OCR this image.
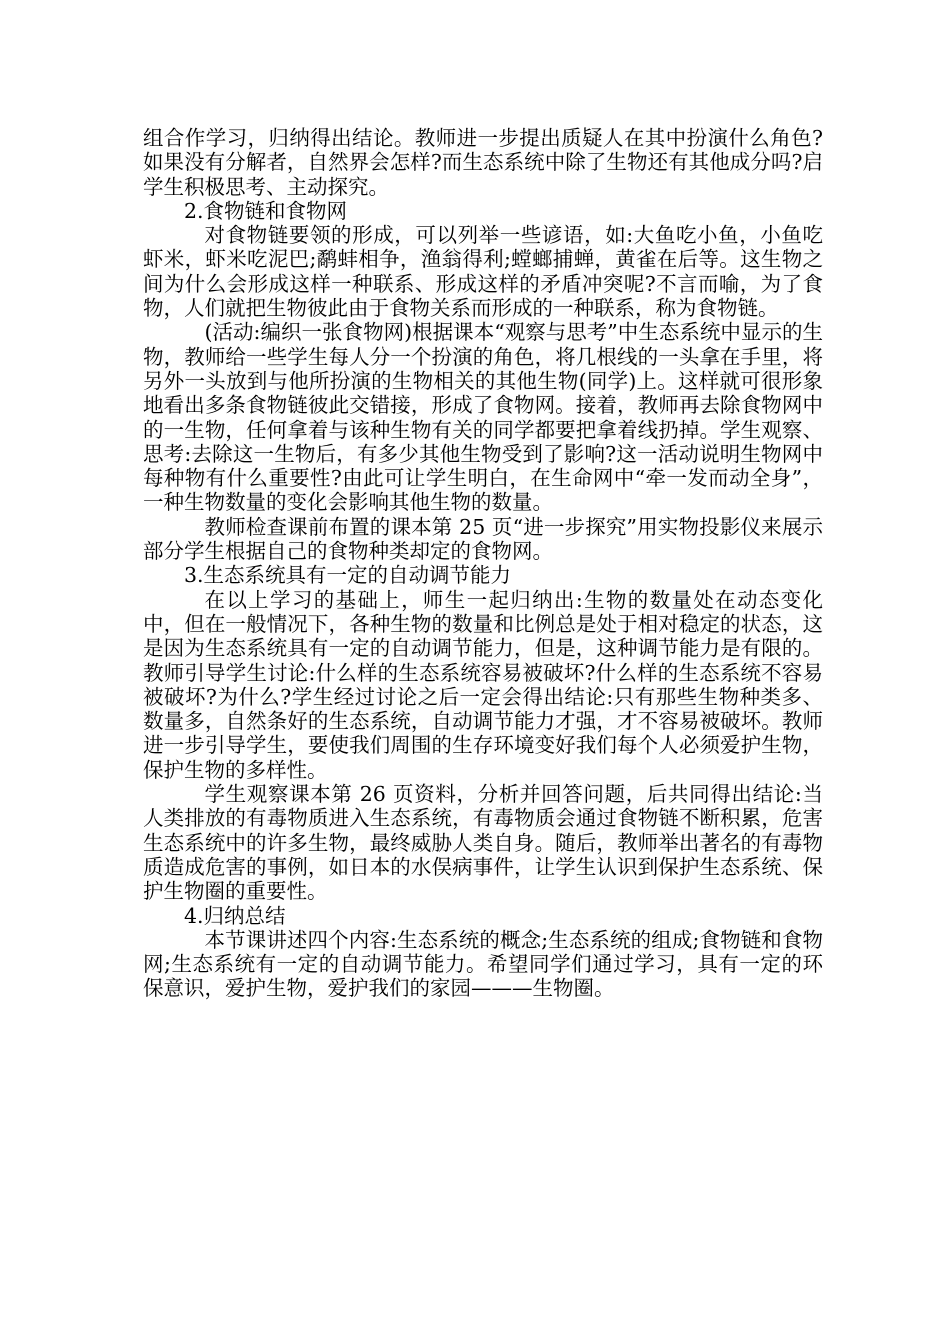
组合作学习，归纳得出结论。教师进一步提出质疑人在其中扮演什么角色?如果没有分解者，自然界会怎样?而生态系统中除了生物还有其他成分吗?启学生积极思考、主动探究。

2.食物链和食物网

对食物链要领的形成，可以列举一些谚语，如:大鱼吃小鱼，小鱼吃虾米，虾米吃泥巴;鹬蚌相争，渔翁得利;螳螂捕蝉，黄雀在后等。这生物之间为什么会形成这样一种联系、形成这样的矛盾冲突呢?不言而喻，为了食物，人们就把生物彼此由于食物关系而形成的一种联系，称为食物链。

(活动:编织一张食物网)根据课本“观察与思考”中生态系统中显示的生物，教师给一些学生每人分一个扮演的角色，将几根线的一头拿在手里，将另外一头放到与他所扮演的生物相关的其他生物(同学)上。这样就可很形象地看出多条食物链彼此交错接，形成了食物网。接着，教师再去除食物网中的一生物，任何拿着与该种生物有关的同学都要把拿着线扔掉。学生观察、思考:去除这一生物后，有多少其他生物受到了影响?这一活动说明生物网中每种物有什么重要性?由此可让学生明白，在生命网中“牵一发而动全身”，一种生物数量的变化会影响其他生物的数量。

教师检查课前布置的课本第 25 页“进一步探究”用实物投影仪来展示部分学生根据自己的食物种类却定的食物网。

3.生态系统具有一定的自动调节能力

在以上学习的基础上，师生一起归纳出:生物的数量处在动态变化中，但在一般情况下，各种生物的数量和比例总是处于相对稳定的状态，这是因为生态系统具有一定的自动调节能力，但是，这种调节能力是有限的。教师引导学生讨论:什么样的生态系统容易被破坏?什么样的生态系统不容易被破坏?为什么?学生经过讨论之后一定会得出结论:只有那些生物种类多、数量多，自然条好的生态系统，自动调节能力才强，才不容易被破坏。教师进一步引导学生，要使我们周围的生存环境变好我们每个人必须爱护生物，保护生物的多样性。

学生观察课本第 26 页资料，分析并回答问题，后共同得出结论:当人类排放的有毒物质进入生态系统，有毒物质会通过食物链不断积累，危害生态系统中的许多生物，最终威胁人类自身。随后，教师举出著名的有毒物质造成危害的事例，如日本的水俣病事件，让学生认识到保护生态系统、保护生物圈的重要性。

4.归纳总结

本节课讲述四个内容:生态系统的概念;生态系统的组成;食物链和食物网;生态系统有一定的自动调节能力。希望同学们通过学习，具有一定的环保意识，爱护生物，爱护我们的家园———生物圈。
